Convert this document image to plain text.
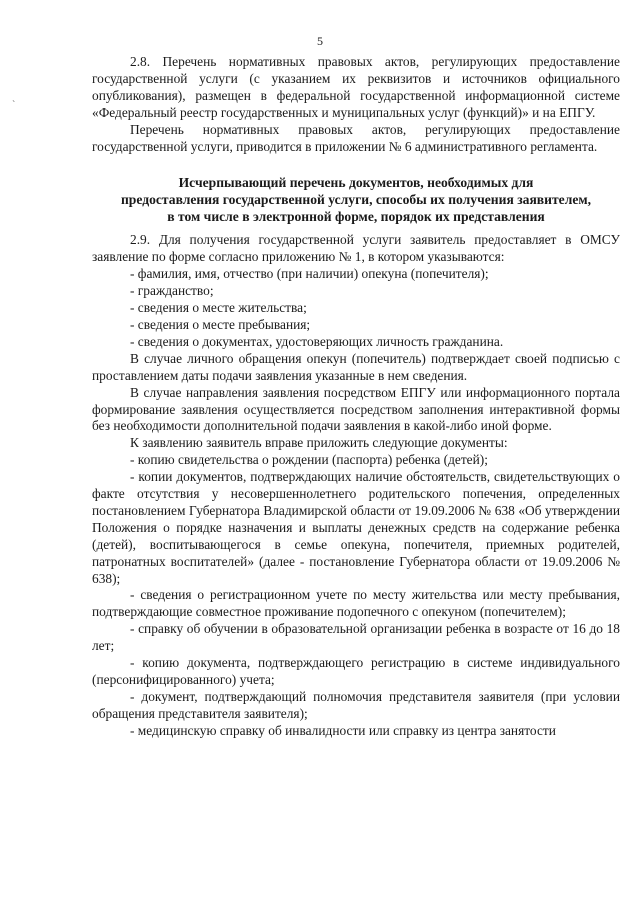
5
`

2.8. Перечень нормативных правовых актов, регулирующих предоставление государственной услуги (с указанием их реквизитов и источников официального опубликования), размещен в федеральной государственной информационной системе «Федеральный реестр государственных и муниципальных услуг (функций)» и на ЕПГУ.

Перечень нормативных правовых актов, регулирующих предоставление государственной услуги, приводится в приложении № 6 административного регламента.

Исчерпывающий перечень документов, необходимых для
предоставления государственной услуги, способы их получения заявителем,
в том числе в электронной форме, порядок их представления

2.9. Для получения государственной услуги заявитель предоставляет в ОМСУ заявление по форме согласно приложению № 1, в котором указываются:

- фамилия, имя, отчество (при наличии) опекуна (попечителя);

- гражданство;

- сведения о месте жительства;

- сведения о месте пребывания;

- сведения о документах, удостоверяющих личность гражданина.

В случае личного обращения опекун (попечитель) подтверждает своей подписью с проставлением даты подачи заявления указанные в нем сведения.

В случае направления заявления посредством ЕПГУ или информационного портала формирование заявления осуществляется посредством заполнения интерактивной формы без необходимости дополнительной подачи заявления в какой-либо иной форме.

К заявлению заявитель вправе приложить следующие документы:

- копию свидетельства о рождении (паспорта) ребенка (детей);

- копии документов, подтверждающих наличие обстоятельств, свидетельствующих о факте отсутствия у несовершеннолетнего родительского попечения, определенных постановлением Губернатора Владимирской области от 19.09.2006 № 638 «Об утверждении Положения о порядке назначения и выплаты денежных средств на содержание ребенка (детей), воспитывающегося в семье опекуна, попечителя, приемных родителей, патронатных воспитателей» (далее - постановление Губернатора области от 19.09.2006 № 638);

- сведения о регистрационном учете по месту жительства или месту пребывания, подтверждающие совместное проживание подопечного с опекуном (попечителем);

- справку об обучении в образовательной организации ребенка в возрасте от 16 до 18 лет;

- копию документа, подтверждающего регистрацию в системе индивидуального (персонифицированного) учета;

- документ, подтверждающий полномочия представителя заявителя (при условии обращения представителя заявителя);

- медицинскую справку об инвалидности или справку из центра занятости
